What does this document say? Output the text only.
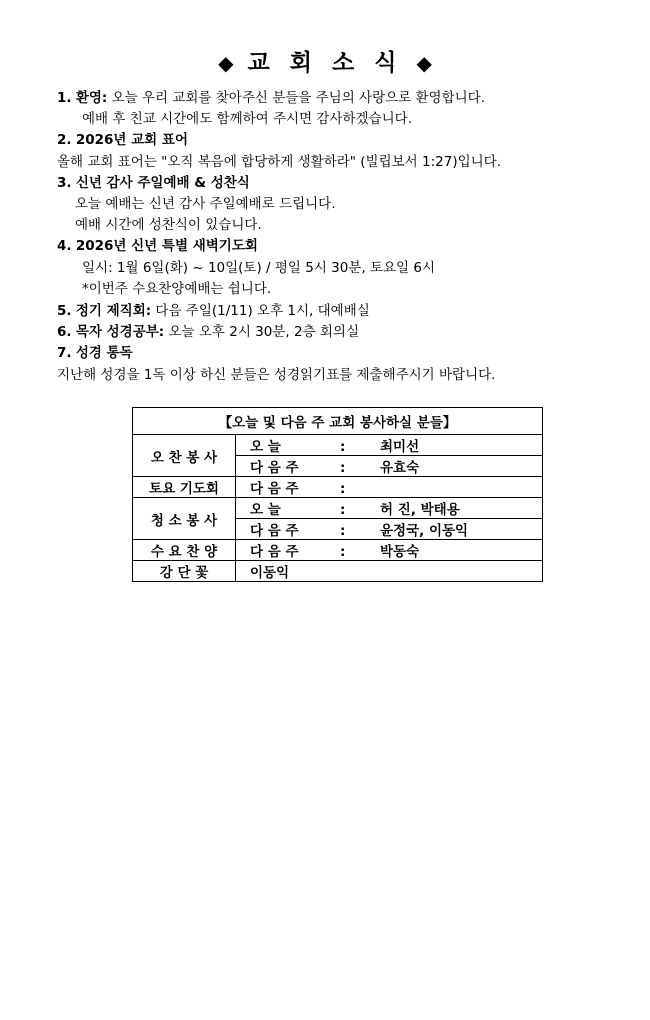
◆ 교 회 소 식 ◆
1. 환영: 오늘 우리 교회를 찾아주신 분들을 주님의 사랑으로 환영합니다.
예배 후 친교 시간에도 함께하여 주시면 감사하겠습니다.
2. 2026년 교회 표어
올해 교회 표어는 "오직 복음에 합당하게 생활하라" (빌립보서 1:27)입니다.
3. 신년 감사 주일예배 & 성찬식
오늘 예배는 신년 감사 주일예배로 드립니다.
예배 시간에 성찬식이 있습니다.
4. 2026년 신년 특별 새벽기도회
일시: 1월 6일(화) ~ 10일(토) / 평일 5시 30분, 토요일 6시
*이번주 수요찬양예배는 쉽니다.
5. 정기 제직회: 다음 주일(1/11) 오후 1시, 대예배실
6. 목자 성경공부: 오늘 오후 2시 30분, 2층 회의실
7. 성경 통독
지난해 성경을 1독 이상 하신 분들은 성경읽기표를 제출해주시기 바랍니다.
【오늘 및 다음 주 교회 봉사하실 분들】	
오 찬 봉 사	오 늘 : 최미선
	다 음 주 : 유효숙
토요 기도회	다 음 주 :
청 소 봉 사	오 늘 : 허 진, 박태용
	다 음 주 : 윤정국, 이동익
수 요 찬 양	다 음 주 : 박동숙
강 단 꽃	이동익
